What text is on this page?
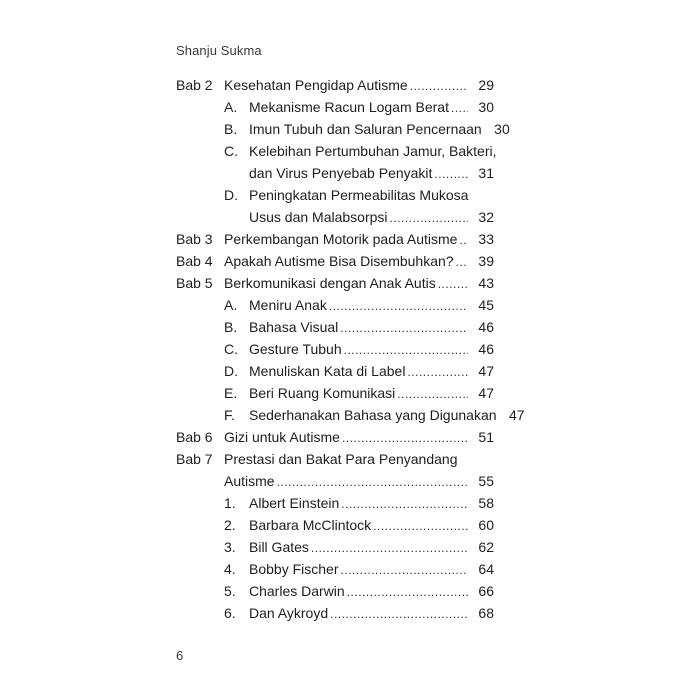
Shanju Sukma
Bab 2 Kesehatan Pengidap Autisme .....	29
A. Mekanisme Racun Logam Berat .....	30
B. Imun Tubuh dan Saluran Pencernaan 30
C. Kelebihan Pertumbuhan Jamur, Bakteri,
dan Virus Penyebab Penyakit .....	31
D. Peningkatan Permeabilitas Mukosa
Usus dan Malabsorpsi .....	32
Bab 3 Perkembangan Motorik pada Autisme .....	33
Bab 4 Apakah Autisme Bisa Disembuhkan? .....	39
Bab 5 Berkomunikasi dengan Anak Autis .....	43
A. Meniru Anak .....	45
B. Bahasa Visual .....	46
C. Gesture Tubuh .....	46
D. Menuliskan Kata di Label .....	47
E. Beri Ruang Komunikasi .....	47
F. Sederhanakan Bahasa yang Digunakan 47
Bab 6 Gizi untuk Autisme .....	51
Bab 7 Prestasi dan Bakat Para Penyandang
Autisme .....	55
1. Albert Einstein .....	58
2. Barbara McClintock .....	60
3. Bill Gates .....	62
4. Bobby Fischer .....	64
5. Charles Darwin .....	66
6. Dan Aykroyd .....	68
6
